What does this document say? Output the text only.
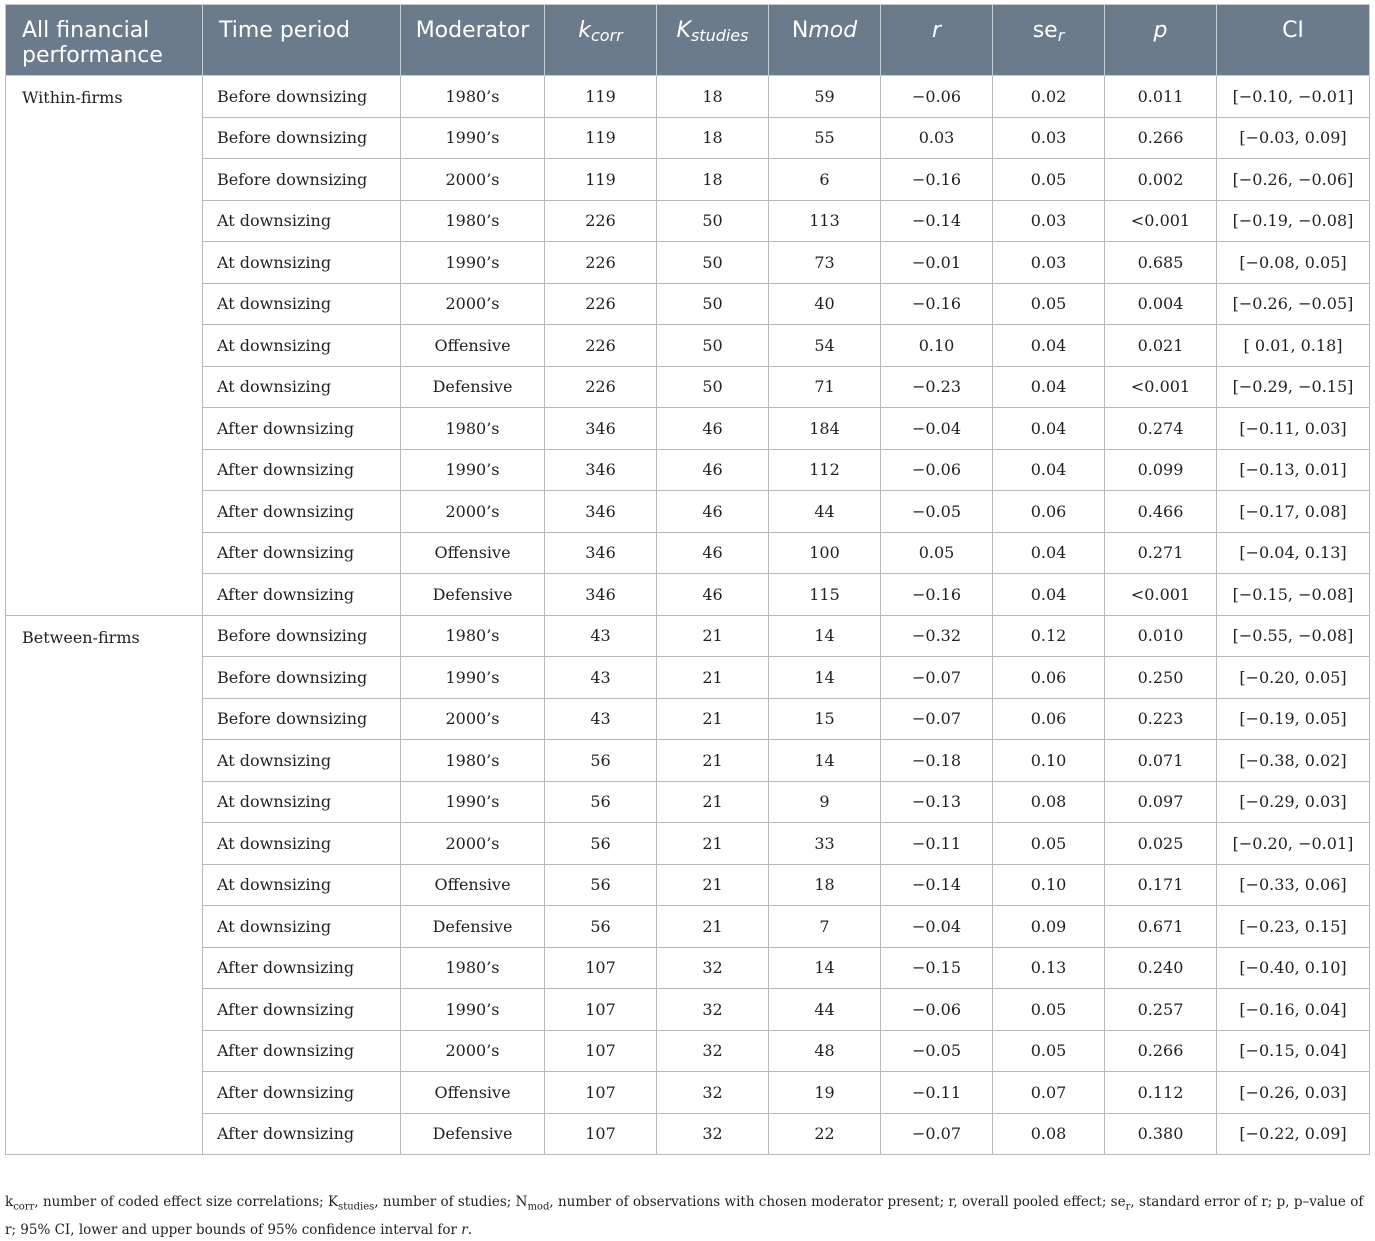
All financial performance	Time period	Moderator	$k_{corr}$	$K_{studies}$	Nmod	r	$se_r$	p	CI
Within-firms	Before downsizing	1980’s	119	18	59	−0.06	0.02	0.011	[−0.10, −0.01]
	Before downsizing	1990’s	119	18	55	0.03	0.03	0.266	[−0.03, 0.09]
	Before downsizing	2000’s	119	18	6	−0.16	0.05	0.002	[−0.26, −0.06]
	At downsizing	1980’s	226	50	113	−0.14	0.03	<0.001	[−0.19, −0.08]
	At downsizing	1990’s	226	50	73	−0.01	0.03	0.685	[−0.08, 0.05]
	At downsizing	2000’s	226	50	40	−0.16	0.05	0.004	[−0.26, −0.05]
	At downsizing	Offensive	226	50	54	0.10	0.04	0.021	[ 0.01, 0.18]
	At downsizing	Defensive	226	50	71	−0.23	0.04	<0.001	[−0.29, −0.15]
	After downsizing	1980’s	346	46	184	−0.04	0.04	0.274	[−0.11, 0.03]
	After downsizing	1990’s	346	46	112	−0.06	0.04	0.099	[−0.13, 0.01]
	After downsizing	2000’s	346	46	44	−0.05	0.06	0.466	[−0.17, 0.08]
	After downsizing	Offensive	346	46	100	0.05	0.04	0.271	[−0.04, 0.13]
	After downsizing	Defensive	346	46	115	−0.16	0.04	<0.001	[−0.15, −0.08]
Between-firms	Before downsizing	1980’s	43	21	14	−0.32	0.12	0.010	[−0.55, −0.08]
	Before downsizing	1990’s	43	21	14	−0.07	0.06	0.250	[−0.20, 0.05]
	Before downsizing	2000’s	43	21	15	−0.07	0.06	0.223	[−0.19, 0.05]
	At downsizing	1980’s	56	21	14	−0.18	0.10	0.071	[−0.38, 0.02]
	At downsizing	1990’s	56	21	9	−0.13	0.08	0.097	[−0.29, 0.03]
	At downsizing	2000’s	56	21	33	−0.11	0.05	0.025	[−0.20, −0.01]
	At downsizing	Offensive	56	21	18	−0.14	0.10	0.171	[−0.33, 0.06]
	At downsizing	Defensive	56	21	7	−0.04	0.09	0.671	[−0.23, 0.15]
	After downsizing	1980’s	107	32	14	−0.15	0.13	0.240	[−0.40, 0.10]
	After downsizing	1990’s	107	32	44	−0.06	0.05	0.257	[−0.16, 0.04]
	After downsizing	2000’s	107	32	48	−0.05	0.05	0.266	[−0.15, 0.04]
	After downsizing	Offensive	107	32	19	−0.11	0.07	0.112	[−0.26, 0.03]
	After downsizing	Defensive	107	32	22	−0.07	0.08	0.380	[−0.22, 0.09]
$k_{corr}$, number of coded effect size correlations; $K_{studies}$, number of studies; $N_{mod}$, number of observations with chosen moderator present; r, overall pooled effect; $se_r$, standard error of r; p, p–value of r; 95% CI, lower and upper bounds of 95% confidence interval for r.
